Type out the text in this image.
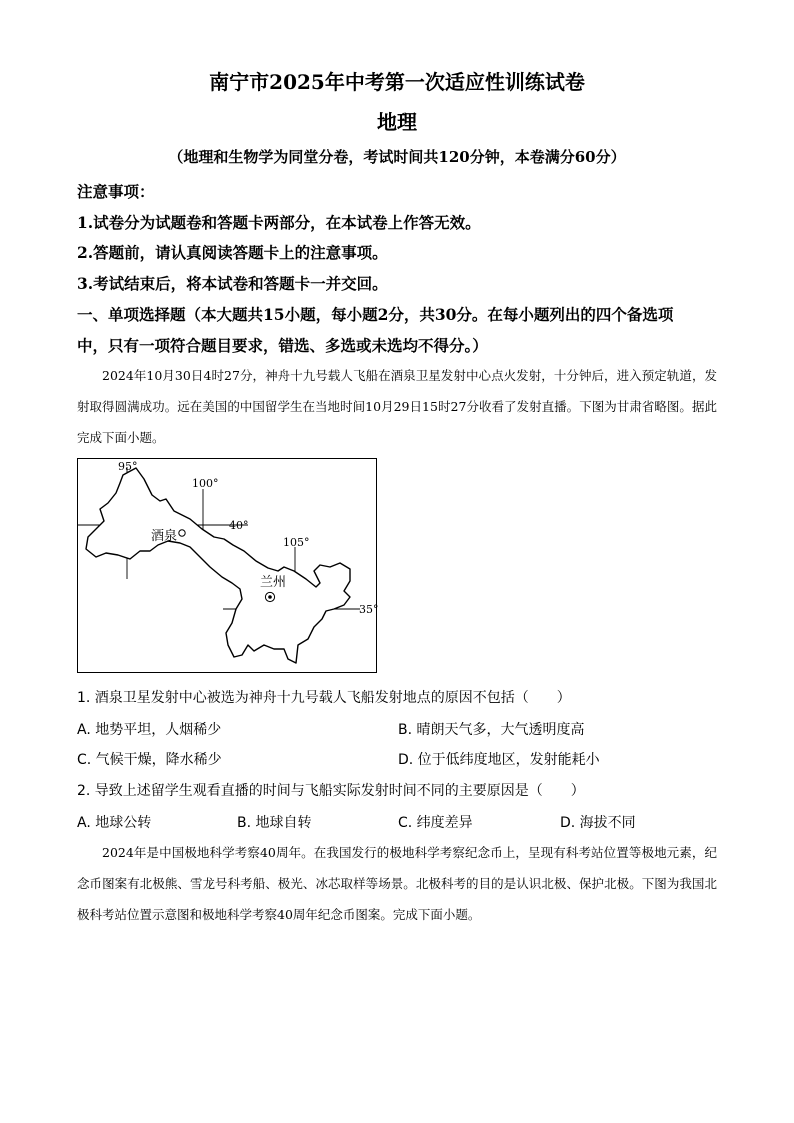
南宁市2025年中考第一次适应性训练试卷
地理
（地理和生物学为同堂分卷，考试时间共120分钟，本卷满分60分）
注意事项：
1.试卷分为试题卷和答题卡两部分，在本试卷上作答无效。
2.答题前，请认真阅读答题卡上的注意事项。
3.考试结束后，将本试卷和答题卡一并交回。
一、单项选择题（本大题共15小题，每小题2分，共30分。在每小题列出的四个备选项
中，只有一项符合题目要求，错选、多选或未选均不得分。）
2024年10月30日4时27分，神舟十九号载人飞船在酒泉卫星发射中心点火发射，十分钟后，进入预定轨道，发射取得圆满成功。远在美国的中国留学生在当地时间10月29日15时27分收看了发射直播。下图为甘肃省略图。据此完成下面小题。
95°
100°
40°
105°
35°
酒泉
兰州
1. 酒泉卫星发射中心被选为神舟十九号载人飞船发射地点的原因不包括（　　）
A. 地势平坦，人烟稀少	B. 晴朗天气多，大气透明度高
C. 气候干燥，降水稀少	D. 位于低纬度地区，发射能耗小
2. 导致上述留学生观看直播的时间与飞船实际发射时间不同的主要原因是（　　）
A. 地球公转	B. 地球自转	C. 纬度差异	D. 海拔不同
2024年是中国极地科学考察40周年。在我国发行的极地科学考察纪念币上，呈现有科考站位置等极地元素，纪念币图案有北极熊、雪龙号科考船、极光、冰芯取样等场景。北极科考的目的是认识北极、保护北极。下图为我国北极科考站位置示意图和极地科学考察40周年纪念币图案。完成下面小题。
